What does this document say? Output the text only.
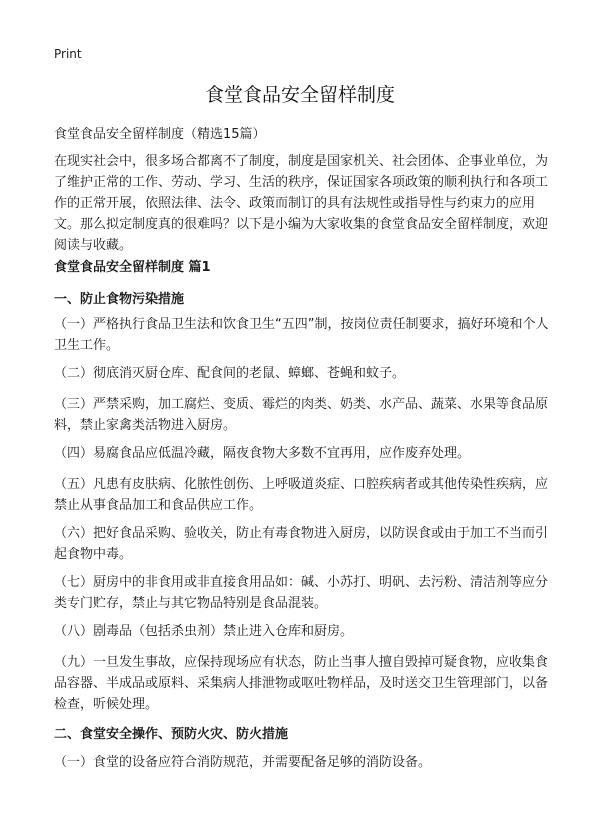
Print
食堂食品安全留样制度

食堂食品安全留样制度（精选15篇）

在现实社会中，很多场合都离不了制度，制度是国家机关、社会团体、企事业单位，为了维护正常的工作、劳动、学习、生活的秩序，保证国家各项政策的顺利执行和各项工作的正常开展，依照法律、法令、政策而制订的具有法规性或指导性与约束力的应用文。那么拟定制度真的很难吗？以下是小编为大家收集的食堂食品安全留样制度，欢迎阅读与收藏。

食堂食品安全留样制度 篇1

一、防止食物污染措施

（一）严格执行食品卫生法和饮食卫生“五四”制，按岗位责任制要求，搞好环境和个人卫生工作。

（二）彻底消灭厨仓库、配食间的老鼠、蟑螂、苍蝇和蚊子。

（三）严禁采购，加工腐烂、变质、霉烂的肉类、奶类、水产品、蔬菜、水果等食品原料，禁止家禽类活物进入厨房。

（四）易腐食品应低温冷藏，隔夜食物大多数不宜再用，应作废弃处理。

（五）凡患有皮肤病、化脓性创伤、上呼吸道炎症、口腔疾病者或其他传染性疾病，应禁止从事食品加工和食品供应工作。

（六）把好食品采购、验收关，防止有毒食物进入厨房，以防误食或由于加工不当而引起食物中毒。

（七）厨房中的非食用或非直接食用品如：碱、小苏打、明矾、去污粉、清洁剂等应分类专门贮存，禁止与其它物品特别是食品混装。

（八）剧毒品（包括杀虫剂）禁止进入仓库和厨房。

（九）一旦发生事故，应保持现场应有状态，防止当事人擅自毁掉可疑食物，应收集食品容器、半成品或原料、采集病人排泄物或呕吐物样品，及时送交卫生管理部门，以备检查，听候处理。

二、食堂安全操作、预防火灾、防火措施

（一）食堂的设备应符合消防规范，并需要配备足够的消防设备。
